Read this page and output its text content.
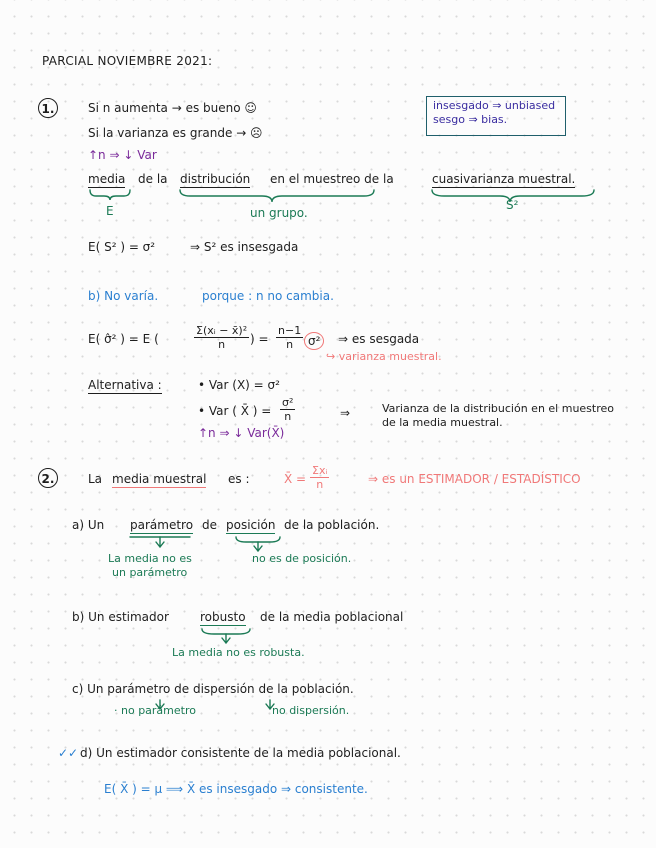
PARCIAL NOVIEMBRE 2021:
1.	Si n aumenta → es bueno ☺
Si la varianza es grande → ☹
↑n ⇒ ↓ Var
insesgado ⇒ unbiased
sesgo ⇒ bias.
media de la distribución en el muestreo de la	cuasivarianza muestral.
E	un grupo.
S²
E( S² ) = σ²	⇒ S² es insesgada
b) No varía.	porque : n no cambia.
E( σ̂² ) = E (	$\frac{\text{Σ(xᵢ − x̄)²}}{n}$ ) = $\frac{n-1}{n} \sigma^2$	⇒ es sesgada
↪ varianza muestral.
Alternativa :	• Var (X) = σ²
• Var ( X̄ ) = $\frac{\text{σ²}}{n}$	⇒	Varianza de la distribución en el muestreo
de la media muestral.
↑n ⇒ ↓ Var(X̄)
2.	La media muestral es :	X̄ =
Σxᵢ
n	⇒ es un ESTIMADOR / ESTADÍSTICO
a) Un parámetro de posición de la población.
La media no es
un parámetro
no es de posición.
b) Un estimador	robusto de la media poblacional
La media no es robusta.
c) Un parámetro de dispersión de la población.
· no parámetro	no dispersión.
✓✓ d) Un estimador consistente de la media poblacional.
E( X̄ ) = μ ⟹ X̄ es insesgado ⇒ consistente.
